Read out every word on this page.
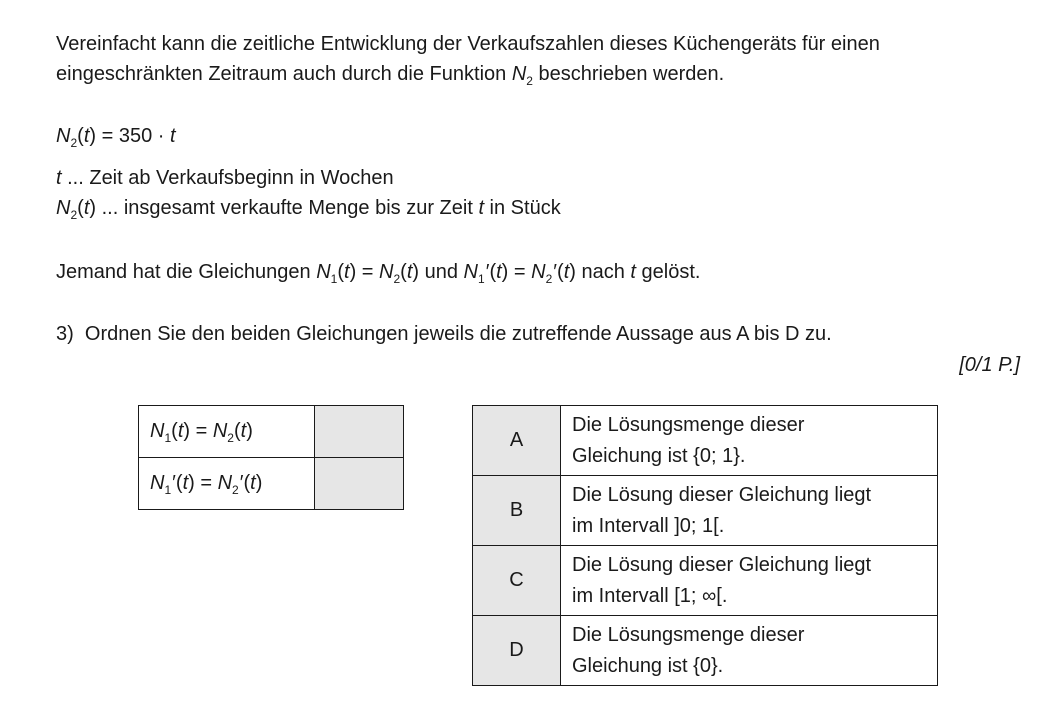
Vereinfacht kann die zeitliche Entwicklung der Verkaufszahlen dieses Küchengeräts für einen
eingeschränkten Zeitraum auch durch die Funktion $N_2$ beschrieben werden.
$N_2(t) = 350 \cdot t$
t ... Zeit ab Verkaufsbeginn in Wochen
$N_2(t)$ ... insgesamt verkaufte Menge bis zur Zeit t in Stück
Jemand hat die Gleichungen $N_1(t) = N_2(t)$ und $N_1'(t) = N_2'(t)$ nach t gelöst.
3) Ordnen Sie den beiden Gleichungen jeweils die zutreffende Aussage aus A bis D zu.
[0/1 P.]
$N_1(t) = N_2(t)$	
$N_1'(t) = N_2'(t)$	
A	Die Lösungsmenge dieser
Gleichung ist {0; 1}.

B	Die Lösung dieser Gleichung liegt
im Intervall ]0; 1[.

C	Die Lösung dieser Gleichung liegt
im Intervall [1; ∞[.

D	Die Lösungsmenge dieser
Gleichung ist {0}.
